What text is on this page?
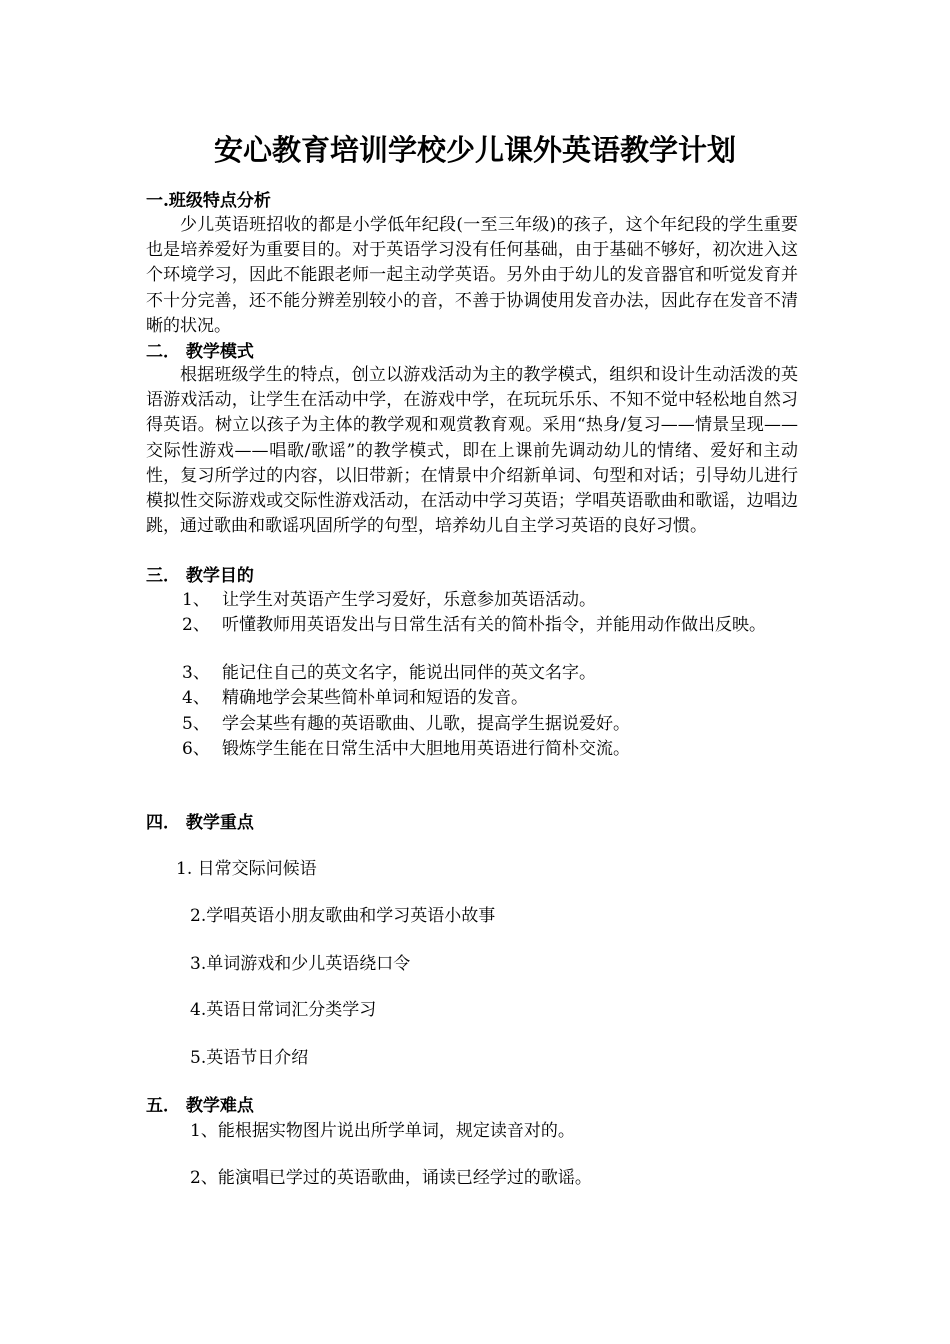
安心教育培训学校少儿课外英语教学计划
一.班级特点分析
少儿英语班招收的都是小学低年纪段(一至三年级)的孩子，这个年纪段的学生重要也是培养爱好为重要目的。对于英语学习没有任何基础，由于基础不够好，初次进入这个环境学习，因此不能跟老师一起主动学英语。另外由于幼儿的发音器官和听觉发育并不十分完善，还不能分辨差别较小的音，不善于协调使用发音办法，因此存在发音不清晰的状况。
二． 教学模式
根据班级学生的特点，创立以游戏活动为主的教学模式，组织和设计生动活泼的英语游戏活动，让学生在活动中学，在游戏中学，在玩玩乐乐、不知不觉中轻松地自然习得英语。树立以孩子为主体的教学观和观赏教育观。采用“热身/复习——情景呈现——交际性游戏——唱歌/歌谣”的教学模式，即在上课前先调动幼儿的情绪、爱好和主动性，复习所学过的内容，以旧带新；在情景中介绍新单词、句型和对话；引导幼儿进行模拟性交际游戏或交际性游戏活动，在活动中学习英语；学唱英语歌曲和歌谣，边唱边跳，通过歌曲和歌谣巩固所学的句型，培养幼儿自主学习英语的良好习惯。
三． 教学目的
1、 让学生对英语产生学习爱好，乐意参加英语活动。
2、 听懂教师用英语发出与日常生活有关的简朴指令，并能用动作做出反映。
3、 能记住自己的英文名字，能说出同伴的英文名字。
4、 精确地学会某些简朴单词和短语的发音。
5、 学会某些有趣的英语歌曲、儿歌，提高学生据说爱好。
6、 锻炼学生能在日常生活中大胆地用英语进行简朴交流。
四． 教学重点
1. 日常交际问候语
2.学唱英语小朋友歌曲和学习英语小故事
3.单词游戏和少儿英语绕口令
4.英语日常词汇分类学习
5.英语节日介绍
五． 教学难点
1、能根据实物图片说出所学单词，规定读音对的。
2、能演唱已学过的英语歌曲，诵读已经学过的歌谣。
